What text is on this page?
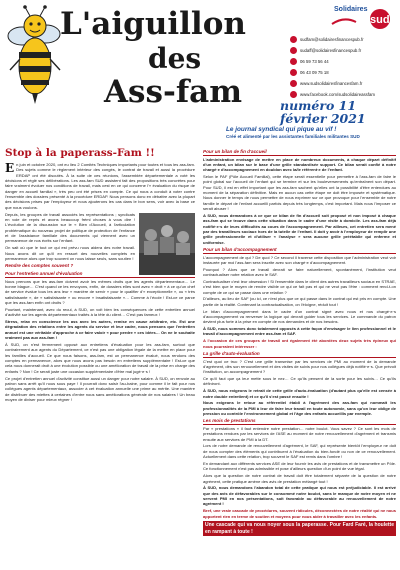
L'aiguillon
des
Ass-fam
Solidaires
sud
sudfam@solidairesfinancespub.fr
sudaff@solidairesfinancespub.fr
06 59 73 56 44
06 43 09 75 18
www.sudsolidairesfinancesfam.fr
www.facebook.com/sudsolidaireassfam
numéro 11
février 2021
Le journal syndical qui pique au vif !
Créé et alimenté par les assistantes familiales militantes SUD
Stop à la paperass-Fam !!

En juin et octobre 2020, ont eu lieu 2 Comités Techniques importants pour toutes et tous les ass-fam. Des sujets comme le règlement intérieur des congés, le contrat de travail et aussi la procédure ERDAP ont été discutés. À la suite de ces réunions, l'assemblée départementale a voté les décisions et réglé ses délibérations. Les ass-fam SUD assistent fait des propositions très concrètes pour faire vraiment évoluer nos conditions de travail, mais cest en ce qui concerne l'« évaluation du risque de danger en accueil familial », très peu ont été prises en compte. Ce qui nous a conduit à voter contre l'ensemble des dossiers présenté à la procédure ERDAP. Nous pensons donc en débattre avec la plupart des décisions prises par l'employeur et nous ajouterons les cas dans le bon sens, voir avec la base ce que nous voulons.

Depuis, les groupes de travail associés les représentations ; syndicats en voie de repris et avons beaucoup frémi choses à vous dire ! L'évolution de la discussion sur le « Bien d'Accueil, à l'articulation problématique du nouveau projet de politique de protection de l'enfance et de l'assistance familiale des documents qui viennent avec un permanence de nos écrits sur l'enfant.

On sait où que le tout ce qui est prévu nous aidera des notre travail. Nous avons dit ce qu'il en ressort des nouvelles complets en permanence alors que trop souvent on nous laisse seuls, sans soutien !

Rendre des comptes souvent ?
Pour l'entretien annuel d'évaluation

Nous prenons que les ass-fam doivent avoir les mêmes droits que les agents départementaux… Le bonne blague… C'est quand ce les envoyons, enfin, de dossiers elles sont avec « droit » à ce qu'un chef de service évalue tous les ans leur « manière de servir » pour le qualifier d'« exceptionnelle », ou « très satisfaisante », de « satisfaisante » ou encore « insatisfaisante »… Comme à l'école ! Est-ce ce parce que les ass-fam enfin ont droits ?

Pourtant, maintenant, avec du recul, à SUD, on voit bien les conséquences de cette entretien annuel d'activité sur les agents départementaux traités à la tête du client… C'est pas fameux !

Stress, relax en conscience les ass avec les autres, remise en cause arbitraire, etc. Est une dégradation des relations entre les agents du service et leur cadre, nous pensons que l'entretien annuel est une véritable d'approche à ce faire valoir « pour perdre » ces idées… On ne le souhaite vraiment pas aux ass-fam !

À SUD, on n'est fermement opposé aux entretiens d'évaluation pour les ass-fam, surtout que contrairement aux agents du Département, ce n'est pas une obligation légale de la mettre en place pour les familles d'accueil. Ce que nous faisons, ass-fam, est un permanence évalué, nous rendons des comptes en permanence, alors que nous avons pas besoin en entretiens supplémentaire ! Est-ce que cela nous donnerait droit à une évolution possible ou une amélioration de travail de la prise en charge des enfants ? Non ! Ce serait juste une occasion supplémentaire d'être mal jugé·e·s !

Ce projet d'entretien annuel d'activité constitue aussi un danger pour notre salaire. À SUD, on renvoie au patron sans arrêt qu'il nous sous paye ! Il pourrait donc saisir l'au-baine, pour comme il le fait pour nos collègues agents départementaux, associer à cet évaluation annuelle une prime au mérite. Une manière de distribuer des miettes à certaines d'entre nous sans améliorations générale de nos salaires ! Un beau moyen de diviser pour mieux régner !

Pour un bilan de fin d'accueil

L'administration envisage de mettre en place de nombreux documents, à chaque départ définitif d'un enfant, un bilan sur le base d'une grille standardisée support. Ce bilan serait confié à notre chargé·e d'accompagnement en doublon avec la/le référent·e de l'enfant.

Selon le PAF (Pôle Accueil Familial), cette étape serait essentielle pour permettre à l'ass-fam de faire le point global sur l'accueil de l'enfant qui se termine et sur les bouleversements qu'entraînent son départ. Pour SUD, il est en effet important que les ass-fam sachent qu'elles ont la possibilité d'être entendues au moment de la séparation définitive. Mais en aucun cas cette étape ne doit être imposée et systématique. Nous donner le temps de nous permettre de nous exprimer sur ce que provoque pour l'ensemble de notre famille le départ de l'enfant accueilli parfois depuis très longtemps, c'est important. Mais nous l'imposer ce serait abuser !

A SUD, nous demandons à ce que ce bilan de fin d'accueil soit proposé et non imposé à chaque ass-fam qui se trouve dans cette situation dans le cadre d'une visite à domicile. Les ass-fam déjà notifié·e·s de leurs difficultés au cours de l'accompagnement. Par ailleurs, cet entretien sera mené par des travailleurs sociaux hors de la tutelle de l'enfant. Il doit y avoir à l'employeur de remplir une grille professionnelle et d'utiliser « l'analyse » sera aucune grille préétablie qui enferme et uniformise.

Pour un bilan d'accompagnement

L'accompagnement de qui ? De quoi ? Ce second il traverse cette disposition que l'administration veut voir instaurée par moi l'ass-fam sera inscrite avec son chargé·e d'accompagnement.

Pourquoi ? Alors que ce travail devrait se faire naturellement, spontanément, l'institution veut contractualiser notre relation avec le SAF.

Contractualiser c'est leur obsession ! Si l'ensemble dans le client des autres travailleurs sociaux en STRAE, c'est bien que le moyen de rendre visible ce qui ce fait pas et qui ne veut pas l'être : comment rend-t-on compte de ce qui se passe dans une relation ?

D'ailleurs, au lieu de SAF (ou ici, ce n'est plus que ce qui passe dans le contrat qui est pris en compte. Une partie de la réalité. Contenant la contractualisation, on l'éloigne, réduit tout !

Le bilan d'accompagnement dans le cadre d'un contrat signé avec nous et nos chargé·e·s d'accompagnement va renverser la logique qui devrait guider tous les services. Le commande du patron devient plus forte à la prise en compte de nos demandes et de nos besoins.

À SUD, nous sommes donc totalement opposés à cette façon d'envisager le lien professionnel et le travail d'accompagnement entre ass-fam et SAF.

A l'occasion de ces groupes de travail ont également été abordées deux sujets très épineux qui nous pourraient intéresser :

La grille d'auto-évaluation

C'est quoi ce truc ? C'est une grille transmise par les services de PMI au moment de la demande d'agrément, dès son renouvellement et des visites de suivis pour nos collègues déjà notifié·e·s. Que prévoit l'institution, un accompagnement ?

Ce qu'il faut que ça leur mette sous le nez… Ce qu'ils pensent de la sorte pour les suivis… Ce qu'ils définiront.

À SUD, nous exigeons le retrait de cette grille d'auto-évaluation (d'autant plus qu'elle est censée à notre double entretient) et ce qu'il s'est passé ensuite !

Nous exigeons le retour au référentiel établi à l'agrément des ass-fam qui nommait les professionnalités de la PMI à leur de faire leur travail en toute autonomie, sans qu'on leur oblige de pression ou contrôle l'environnement global et l'âge des enfants accueillis par exemple.

Les mois de prestations

Par « prestations » il faut entendre notre prestation… notre boulot. Vous savez ? Ce sont les mois de prestations rendues par les services de l'ASE au moment de notre renouvellement d'agrément et transmis ensuite aux services de PMI à la DT.

Lors de notre demande de renouvellement d'agrément, le SAF, qui représente bientôt l'employeur ne doit de nous compter des éléments qui contribuent à l'évaluation du bien-fondé ou non de ce renouvellement. Actuellement dans cette relation, trop souvent le SAF est remis dans l'ombre !

En demandant aux différents services ASE de leur fournir les avis de prestations et de transmettre un Pôle. Ce fonctionnement n'est pas admissible et pose d'ailleurs question d'un point de vue légal.

Alors que la question de notre contrat de travail doit être totalement séparée de la question de notre agrément, cette pratique amène des avis de prestation mélangé tout !

À SUD, nous demandons l'abandon total de cette pratique qui nous est préjudiciable. Il est arrivé que des avis de défavorables sur le consommé notre boulot, sans le manque de notre moyen et ne servent PMI en nos présentations, soit favorable ou défavorable au renouvellement de notre agrément !

Bref, une vraie cascade de procédures, souvent ridicules, déconnectées de notre réalité qui ne nous apportent rien en terme de soutien et moyens pour nous aider à travailler avec les enfants.

Une cascade qui va nous noyer sous la paperasse. Pour Fard Faré, la houlette en rampant à toute !
